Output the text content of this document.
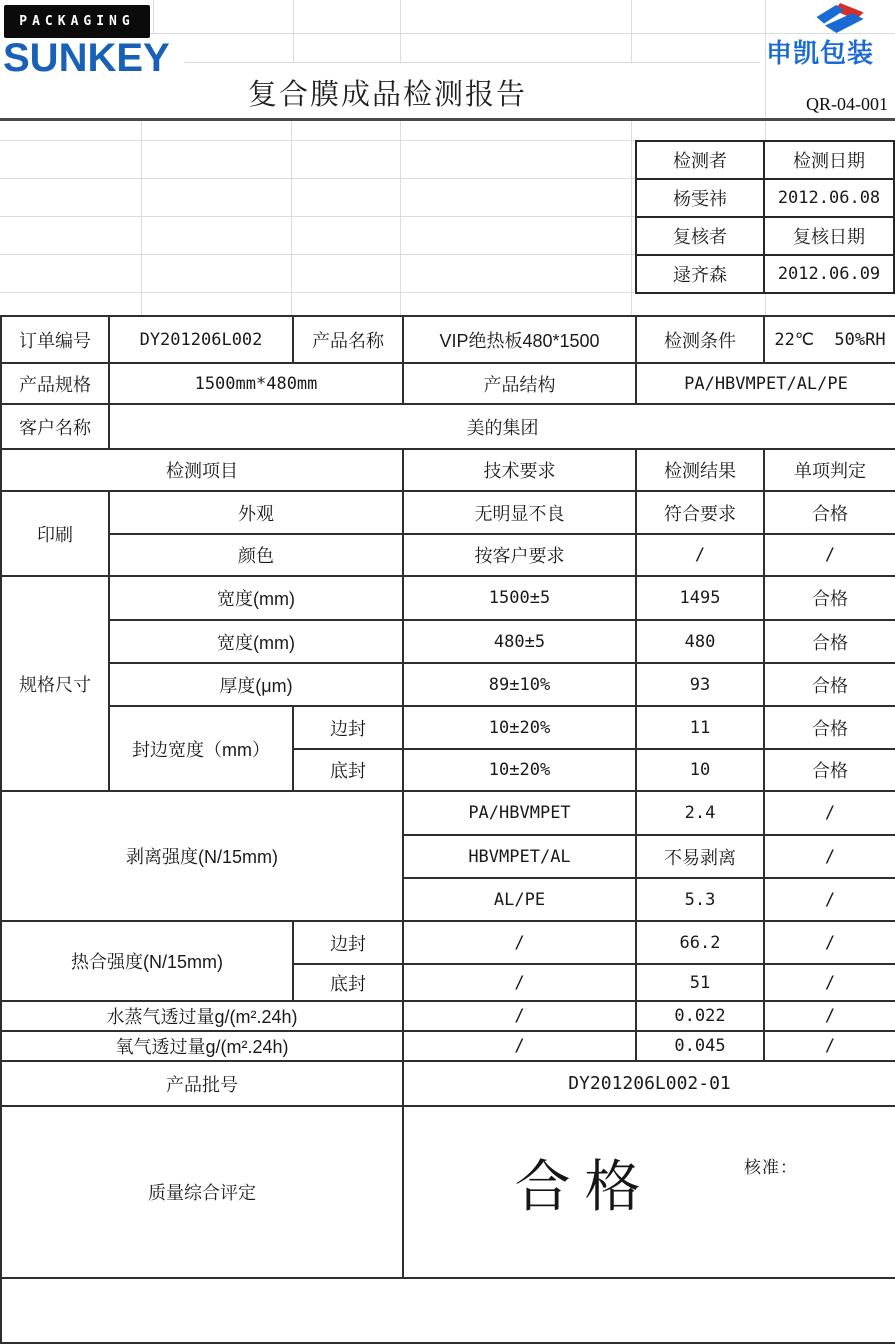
PACKAGING
SUNKEY	申凯包装
复合膜成品检测报告	QR-04-001
检测者	检测日期
杨雯祎	2012.06.08
复核者	复核日期
逯齐森	2012.06.09
订单编号	DY201206L002	产品名称	VIP绝热板480*1500	检测条件	22℃  50%RH
产品规格	1500mm*480mm		产品结构	PA/HBVMPET/AL/PE	
客户名称	美的集团				
检测项目			技术要求	检测结果	单项判定
印刷	外观		无明显不良	符合要求	合格
	颜色		按客户要求	/	/
规格尺寸	宽度(mm)		1500±5	1495	合格
	宽度(mm)		480±5	480	合格
	厚度(μm)		89±10%	93	合格
	封边宽度（mm）	边封	10±20%	11	合格
		底封	10±20%	10	合格
剥离强度(N/15mm)			PA/HBVMPET	2.4	/
			HBVMPET/AL	不易剥离	/
			AL/PE	5.3	/
热合强度(N/15mm)		边封	/	66.2	/
		底封	/	51	/
水蒸气透过量g/(m².24h)			/	0.022	/
氧气透过量g/(m².24h)			/	0.045	/
产品批号			DY201206L002-01		
质量综合评定			合格

核准：		
